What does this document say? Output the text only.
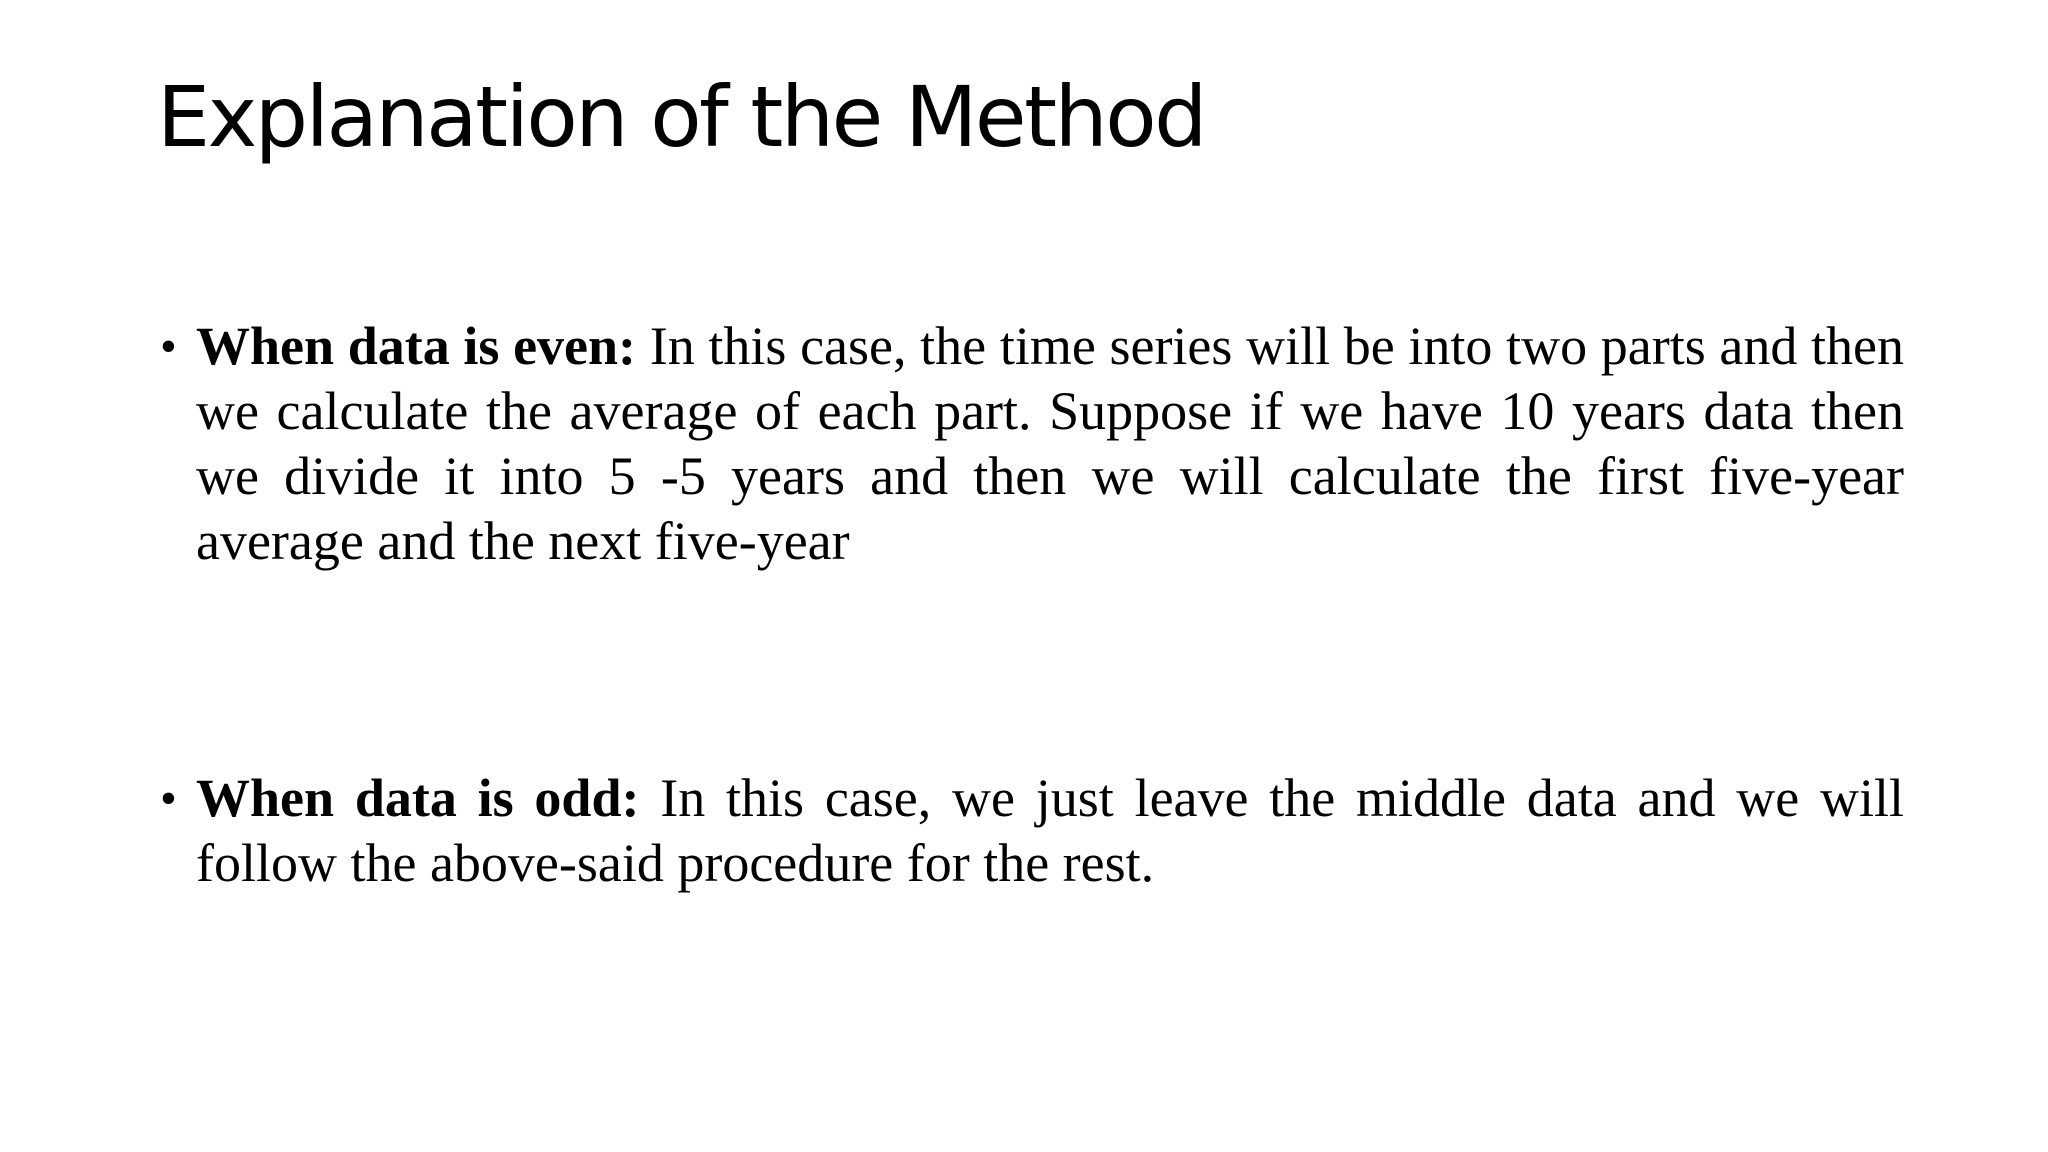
Explanation of the Method
• When data is even: In this case, the time series will be into two parts and then we calculate the average of each part. Suppose if we have 10 years data then we divide it into 5 -5 years and then we will calculate the first five-year average and the next five-year
• When data is odd: In this case, we just leave the middle data and we will follow the above-said procedure for the rest.
